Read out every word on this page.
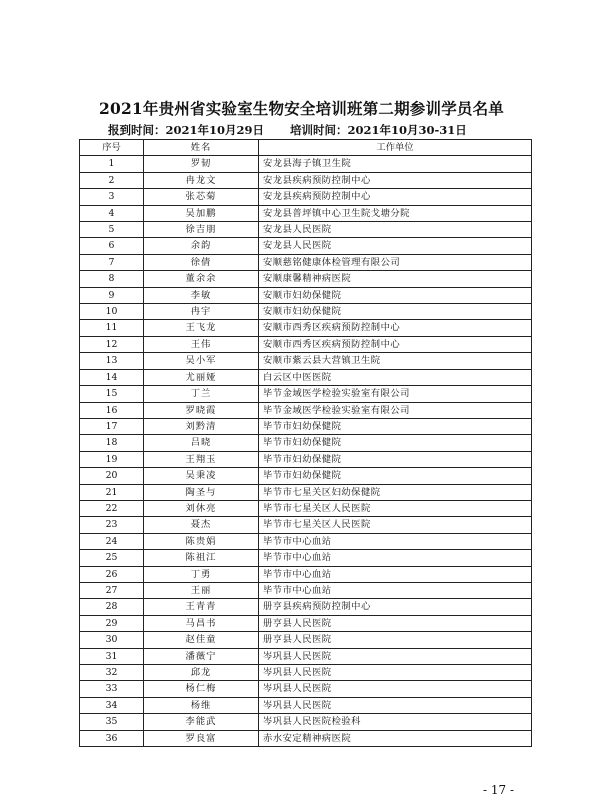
2021年贵州省实验室生物安全培训班第二期参训学员名单
报到时间：2021年10月29日 培训时间：2021年10月30-31日
序号	姓名	工作单位
1	罗韧	安龙县海子镇卫生院
2	冉龙文	安龙县疾病预防控制中心
3	张芯菊	安龙县疾病预防控制中心
4	吴加鹏	安龙县普坪镇中心卫生院戈塘分院
5	徐吉朋	安龙县人民医院
6	余韵	安龙县人民医院
7	徐倩	安顺慈铭健康体检管理有限公司
8	董余余	安顺康馨精神病医院
9	李敏	安顺市妇幼保健院
10	冉宇	安顺市妇幼保健院
11	王飞龙	安顺市西秀区疾病预防控制中心
12	王伟	安顺市西秀区疾病预防控制中心
13	吴小军	安顺市紫云县大营镇卫生院
14	尤丽娅	白云区中医医院
15	丁兰	毕节金域医学检验实验室有限公司
16	罗晓霞	毕节金域医学检验实验室有限公司
17	刘黔清	毕节市妇幼保健院
18	吕晓	毕节市妇幼保健院
19	王翔玉	毕节市妇幼保健院
20	吴秉凌	毕节市妇幼保健院
21	陶圣与	毕节市七星关区妇幼保健院
22	刘休亮	毕节市七星关区人民医院
23	聂杰	毕节市七星关区人民医院
24	陈贵娟	毕节市中心血站
25	陈祖江	毕节市中心血站
26	丁勇	毕节市中心血站
27	王丽	毕节市中心血站
28	王青青	册亨县疾病预防控制中心
29	马昌书	册亨县人民医院
30	赵佳童	册亨县人民医院
31	潘薇宁	岑巩县人民医院
32	邱龙	岑巩县人民医院
33	杨仁梅	岑巩县人民医院
34	杨维	岑巩县人民医院
35	李能武	岑巩县人民医院检验科
36	罗良富	赤水安定精神病医院
- 17 -
